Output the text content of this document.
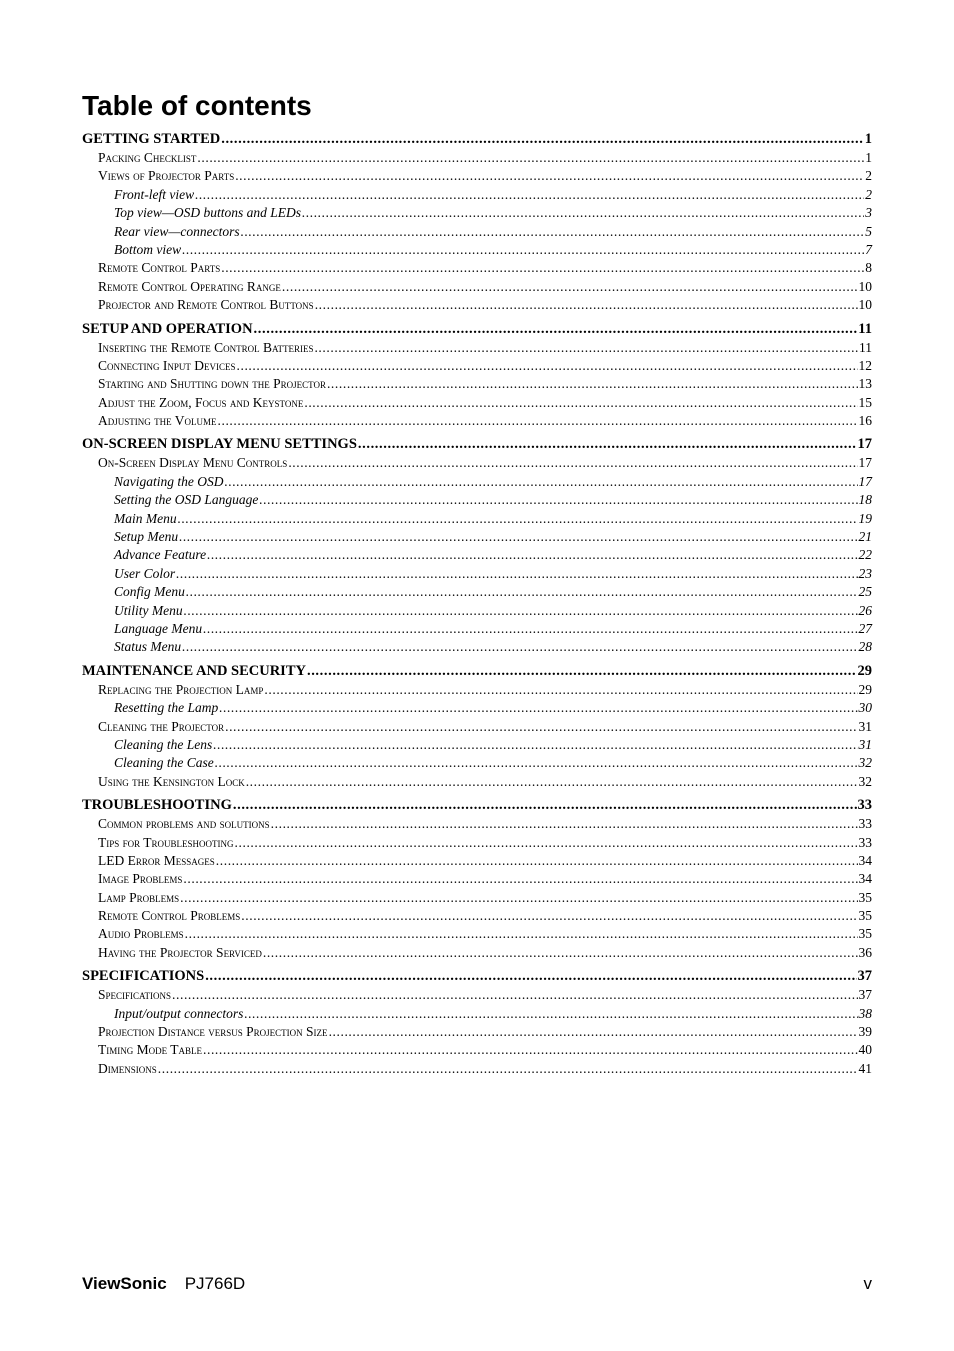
Table of contents
GETTING STARTED .....	1
Packing Checklist .....	1
Views of Projector Parts .....	2
Front-left view .....	2
Top view—OSD buttons and LEDs .....	3
Rear view—connectors .....	5
Bottom view .....	7
Remote Control Parts .....	8
Remote Control Operating Range .....	10
Projector and Remote Control Buttons .....	10
SETUP AND OPERATION .....	11
Inserting the Remote Control Batteries .....	11
Connecting Input Devices .....	12
Starting and Shutting down the Projector .....	13
Adjust the Zoom, Focus and Keystone .....	15
Adjusting the Volume .....	16
ON-SCREEN DISPLAY MENU SETTINGS .....	17
On-Screen Display Menu Controls .....	17
Navigating the OSD .....	17
Setting the OSD Language .....	18
Main Menu .....	19
Setup Menu .....	21
Advance Feature .....	22
User Color .....	23
Config Menu .....	25
Utility Menu .....	26
Language Menu .....	27
Status Menu .....	28
MAINTENANCE AND SECURITY .....	29
Replacing the Projection Lamp .....	29
Resetting the Lamp .....	30
Cleaning the Projector .....	31
Cleaning the Lens .....	31
Cleaning the Case .....	32
Using the Kensington Lock .....	32
TROUBLESHOOTING .....	33
Common problems and solutions .....	33
Tips for Troubleshooting .....	33
LED Error Messages .....	34
Image Problems .....	34
Lamp Problems .....	35
Remote Control Problems .....	35
Audio Problems .....	35
Having the Projector Serviced .....	36
SPECIFICATIONS .....	37
Specifications .....	37
Input/output connectors .....	38
Projection Distance versus Projection Size .....	39
Timing Mode Table .....	40
Dimensions .....	41
ViewSonic PJ766D	v
